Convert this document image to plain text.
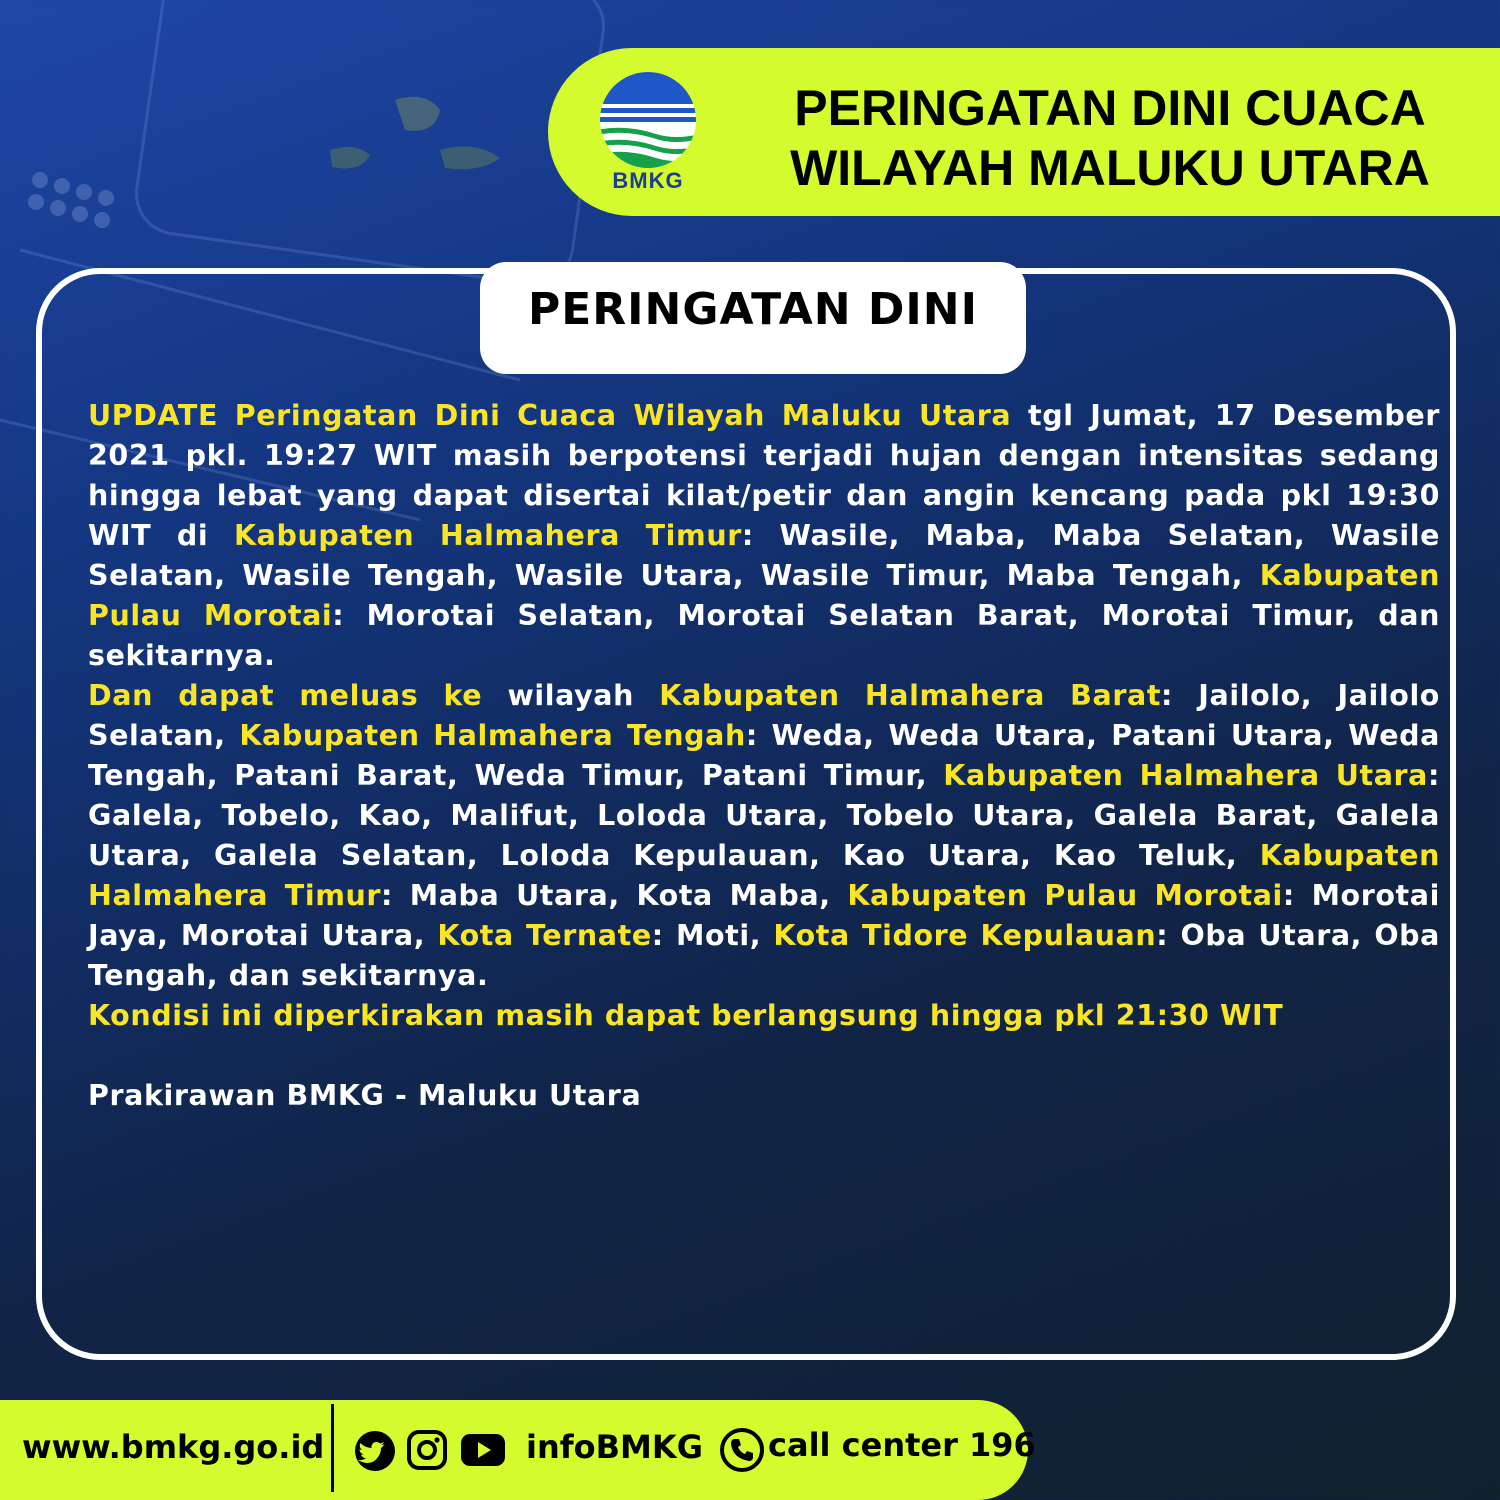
BMKG
PERINGATAN DINI CUACA
WILAYAH MALUKU UTARA
PERINGATAN DINI
UPDATE Peringatan Dini Cuaca Wilayah Maluku Utara tgl Jumat, 17 Desember 2021 pkl. 19:27 WIT masih berpotensi terjadi hujan dengan intensitas sedang hingga lebat yang dapat disertai kilat/petir dan angin kencang pada pkl 19:30 WIT di Kabupaten Halmahera Timur: Wasile, Maba, Maba Selatan, Wasile Selatan, Wasile Tengah, Wasile Utara, Wasile Timur, Maba Tengah, Kabupaten Pulau Morotai: Morotai Selatan, Morotai Selatan Barat, Morotai Timur, dan sekitarnya.
Dan dapat meluas ke wilayah Kabupaten Halmahera Barat: Jailolo, Jailolo Selatan, Kabupaten Halmahera Tengah: Weda, Weda Utara, Patani Utara, Weda Tengah, Patani Barat, Weda Timur, Patani Timur, Kabupaten Halmahera Utara: Galela, Tobelo, Kao, Malifut, Loloda Utara, Tobelo Utara, Galela Barat, Galela Utara, Galela Selatan, Loloda Kepulauan, Kao Utara, Kao Teluk, Kabupaten Halmahera Timur: Maba Utara, Kota Maba, Kabupaten Pulau Morotai: Morotai Jaya, Morotai Utara, Kota Ternate: Moti, Kota Tidore Kepulauan: Oba Utara, Oba Tengah, dan sekitarnya.
Kondisi ini diperkirakan masih dapat berlangsung hingga pkl 21:30 WIT
Prakirawan BMKG - Maluku Utara
www.bmkg.go.id	infoBMKG call center 196
